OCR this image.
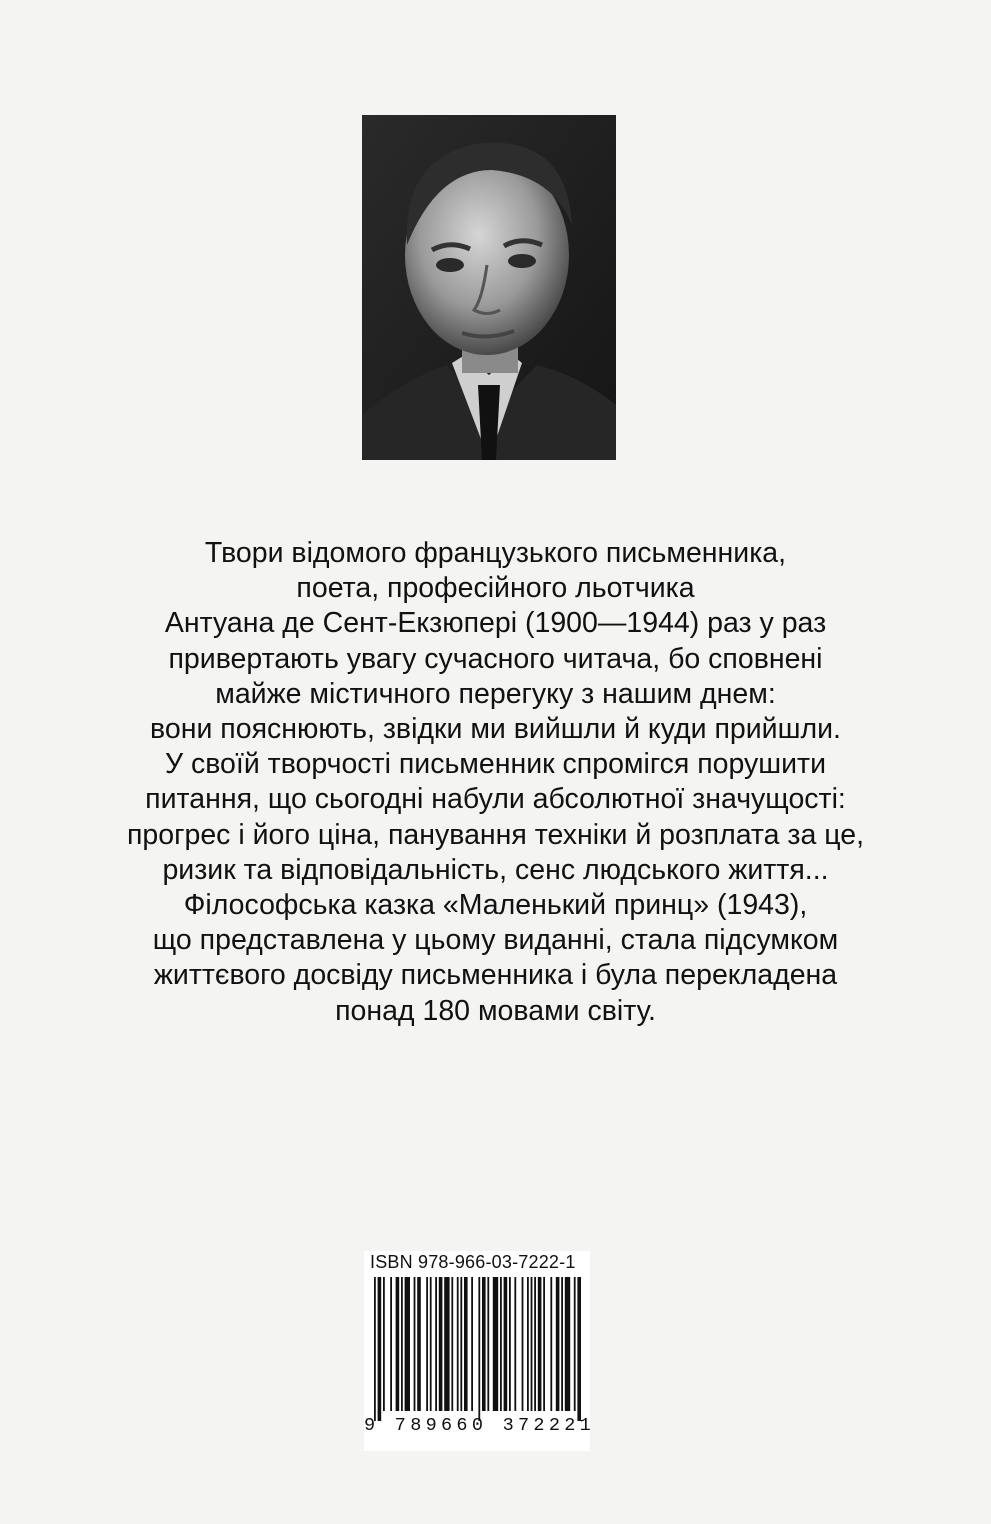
Твори відомого французького письменника,
поета, професійного льотчика
Антуана де Сент-Екзюпері (1900—1944) раз у раз
привертають увагу сучасного читача, бо сповнені
майже містичного перегуку з нашим днем:
вони пояснюють, звідки ми вийшли й куди прийшли.
У своїй творчості письменник спромігся порушити
питання, що сьогодні набули абсолютної значущості:
прогрес і його ціна, панування техніки й розплата за це,
ризик та відповідальність, сенс людського життя...
Філософська казка «Маленький принц» (1943),
що представлена у цьому виданні, стала підсумком
життєвого досвіду письменника і була перекладена
понад 180 мовами світу.

ISBN 978-966-03-7222-1
9 789660 372221
